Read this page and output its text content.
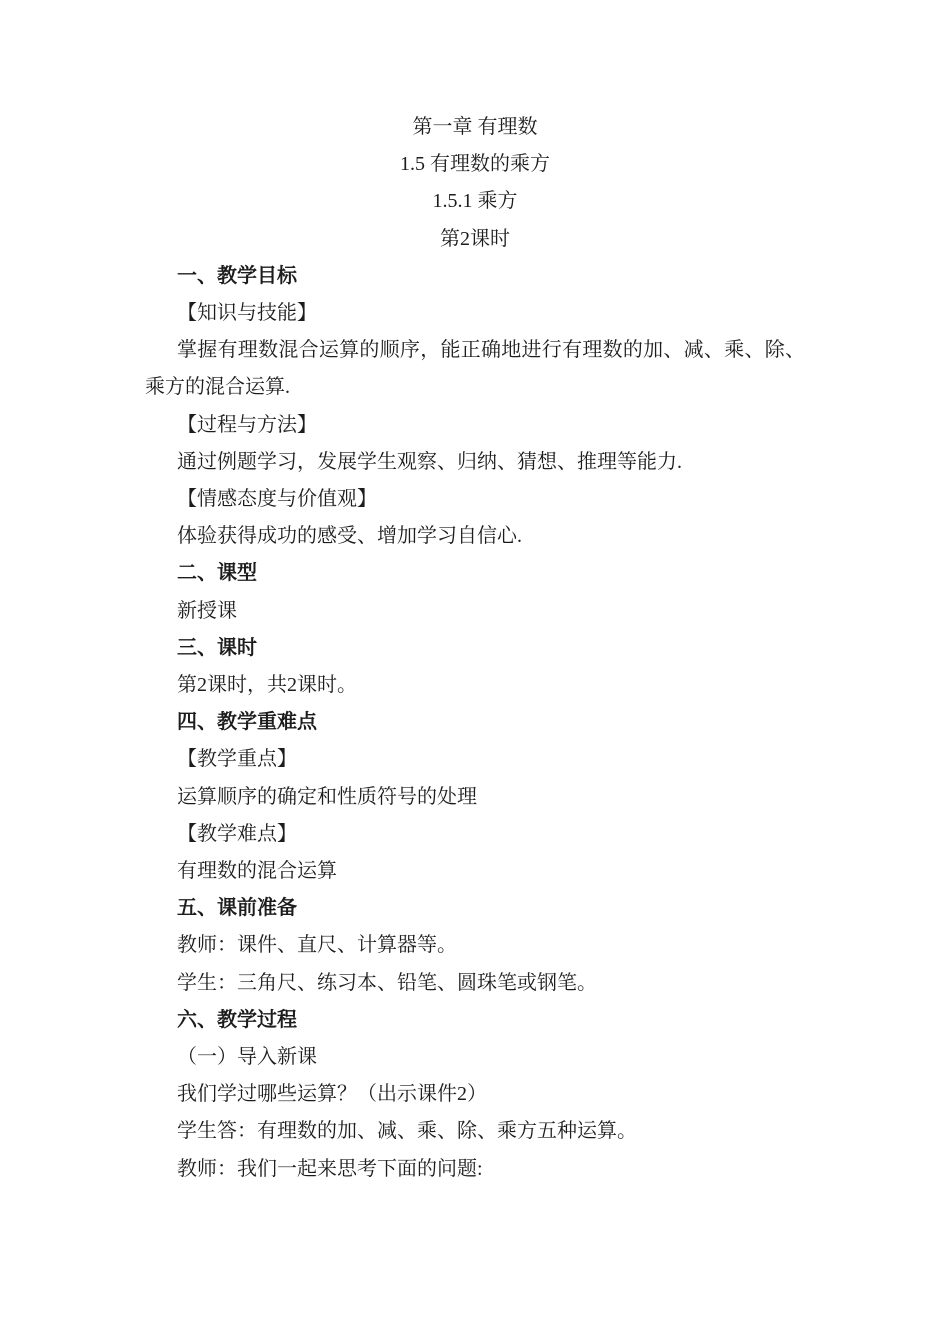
第一章 有理数

1.5 有理数的乘方

1.5.1 乘方

第2课时

一、教学目标

【知识与技能】

掌握有理数混合运算的顺序，能正确地进行有理数的加、减、乘、除、乘方的混合运算.

【过程与方法】

通过例题学习，发展学生观察、归纳、猜想、推理等能力.

【情感态度与价值观】

体验获得成功的感受、增加学习自信心.

二、课型

新授课

三、课时

第2课时，共2课时。

四、教学重难点

【教学重点】

运算顺序的确定和性质符号的处理

【教学难点】

有理数的混合运算

五、课前准备

教师：课件、直尺、计算器等。

学生：三角尺、练习本、铅笔、圆珠笔或钢笔。

六、教学过程

（一）导入新课

我们学过哪些运算？（出示课件2）

学生答：有理数的加、减、乘、除、乘方五种运算。

教师：我们一起来思考下面的问题:
